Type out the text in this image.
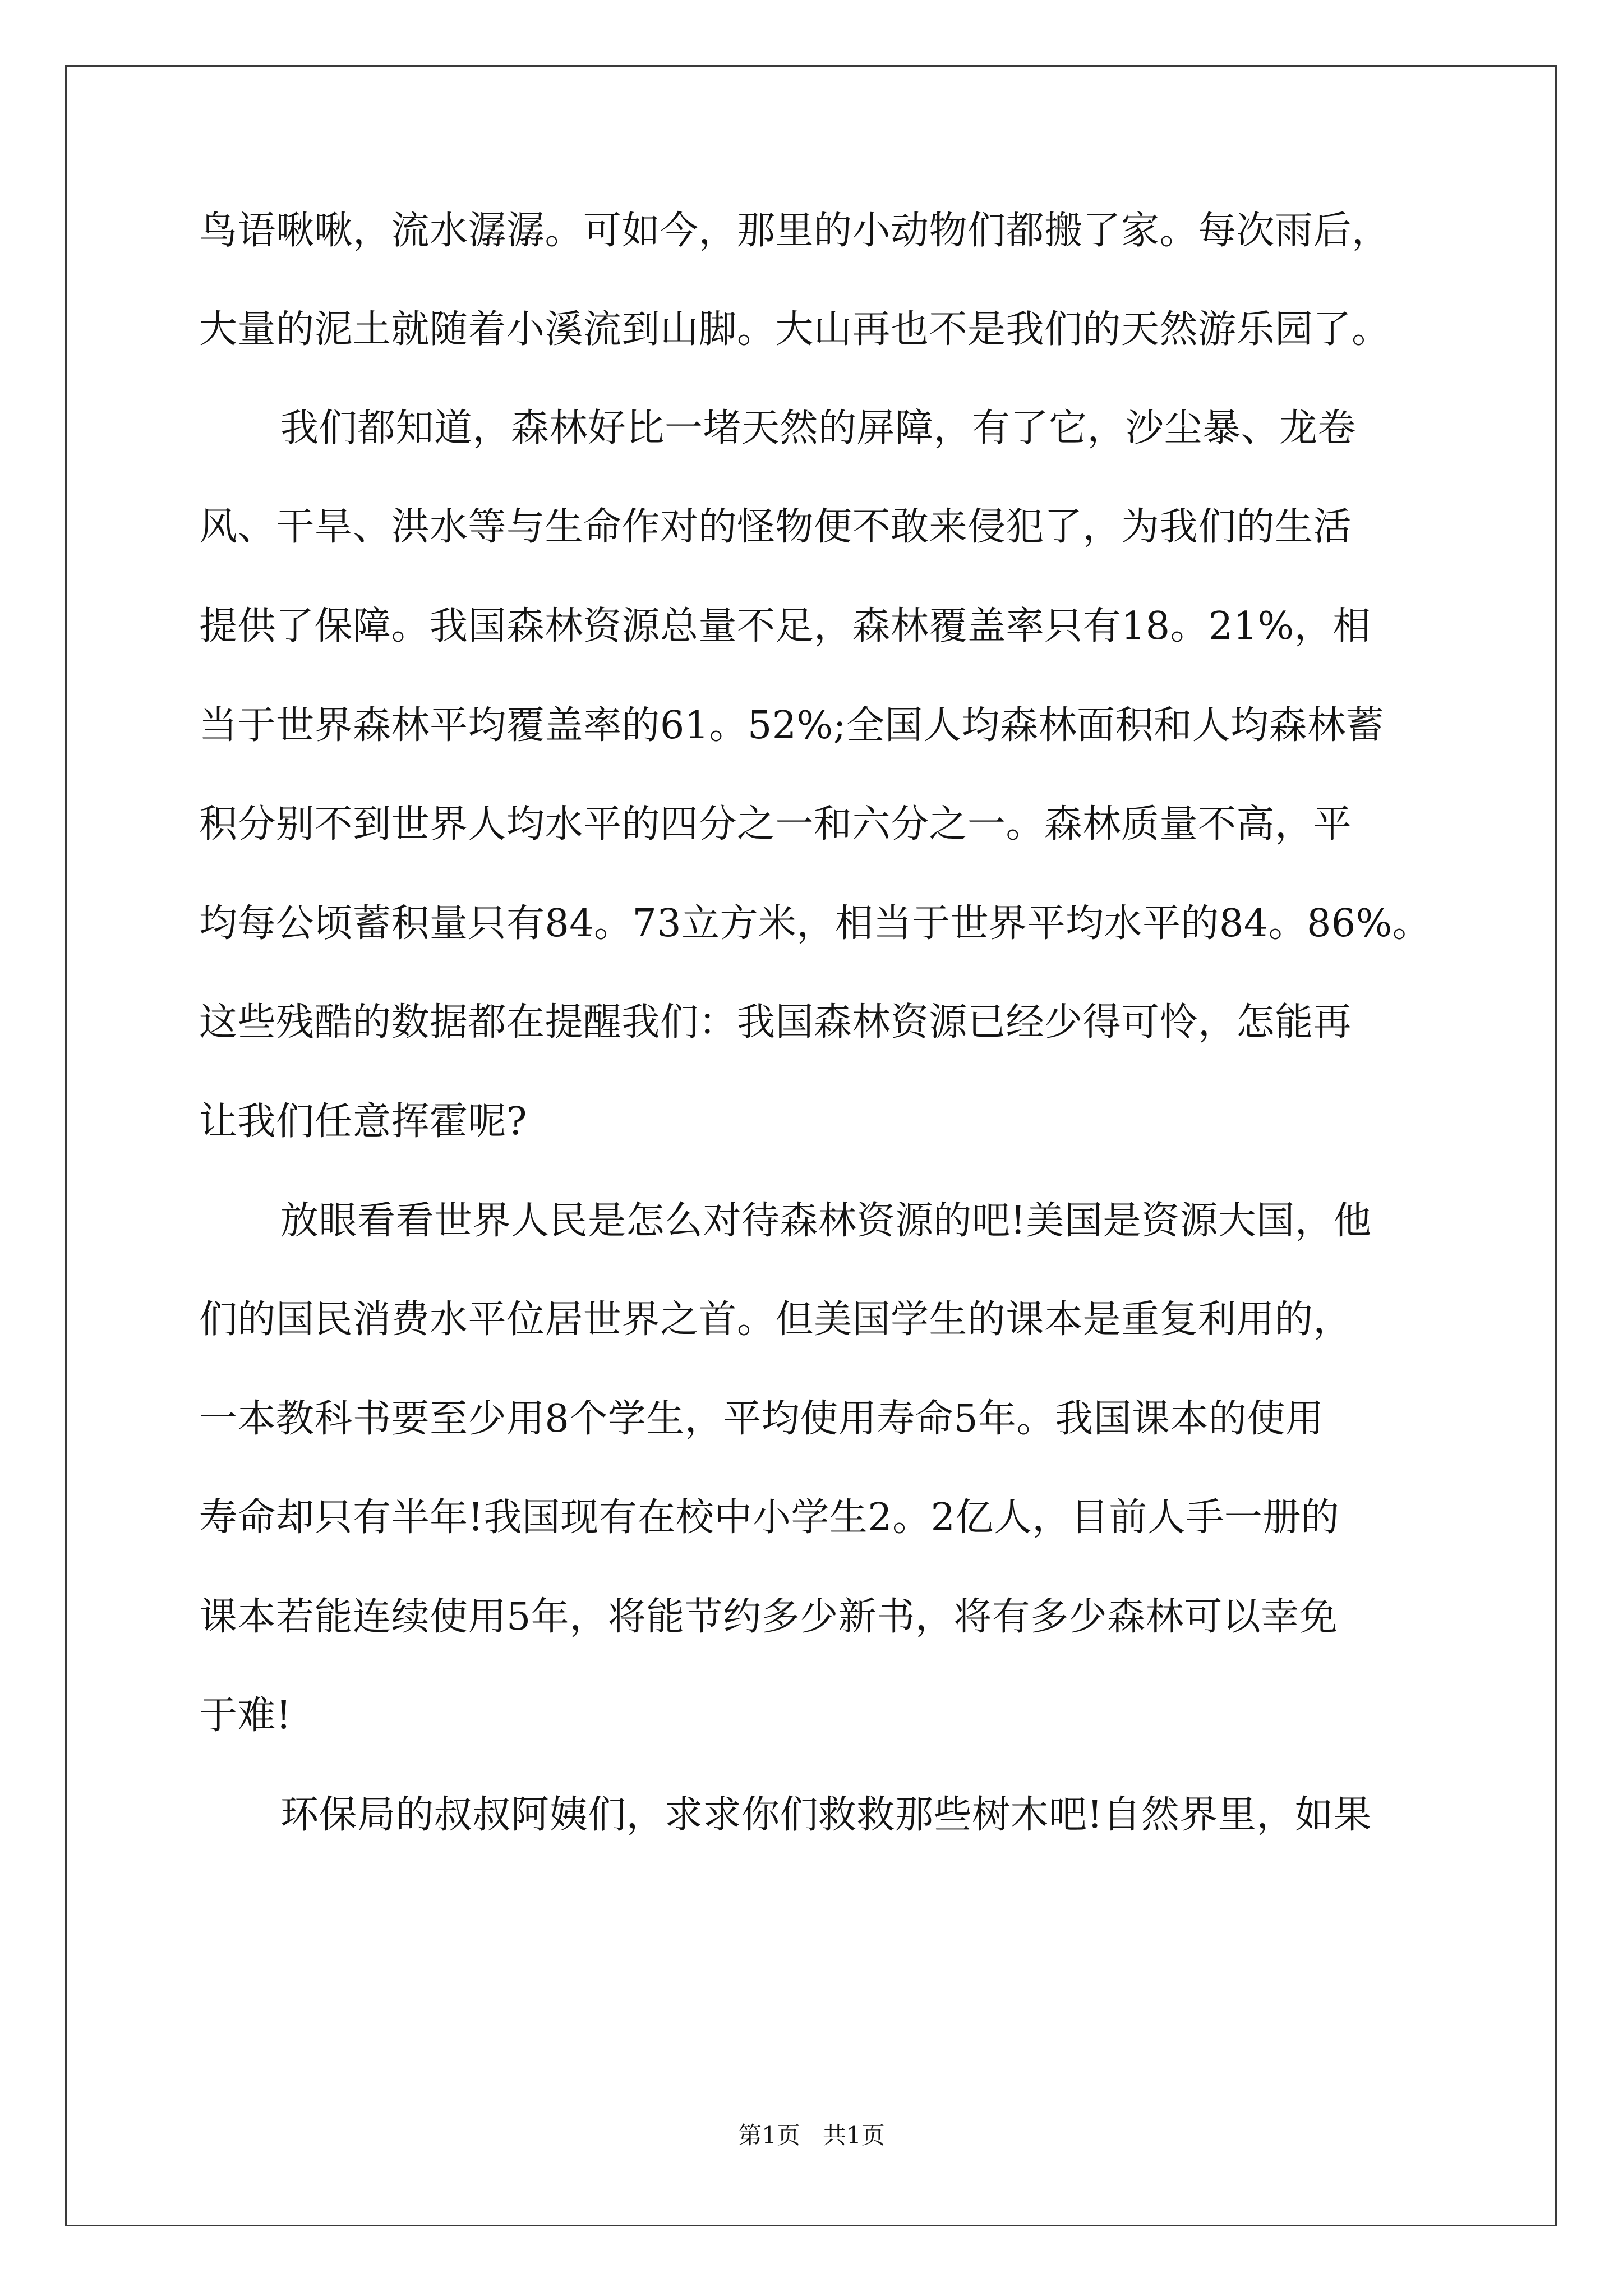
鸟语啾啾，流水潺潺。可如今，那里的小动物们都搬了家。每次雨后，
大量的泥土就随着小溪流到山脚。大山再也不是我们的天然游乐园了。
我们都知道，森林好比一堵天然的屏障，有了它，沙尘暴、龙卷
风、干旱、洪水等与生命作对的怪物便不敢来侵犯了，为我们的生活
提供了保障。我国森林资源总量不足，森林覆盖率只有18。21%，相
当于世界森林平均覆盖率的61。52%;全国人均森林面积和人均森林蓄
积分别不到世界人均水平的四分之一和六分之一。森林质量不高，平
均每公顷蓄积量只有84。73立方米，相当于世界平均水平的84。86%。
这些残酷的数据都在提醒我们：我国森林资源已经少得可怜，怎能再
让我们任意挥霍呢?
放眼看看世界人民是怎么对待森林资源的吧!美国是资源大国，他
们的国民消费水平位居世界之首。但美国学生的课本是重复利用的，
一本教科书要至少用8个学生，平均使用寿命5年。我国课本的使用
寿命却只有半年!我国现有在校中小学生2。2亿人，目前人手一册的
课本若能连续使用5年，将能节约多少新书，将有多少森林可以幸免
于难!
环保局的叔叔阿姨们，求求你们救救那些树木吧!自然界里，如果
第1页   共1页
